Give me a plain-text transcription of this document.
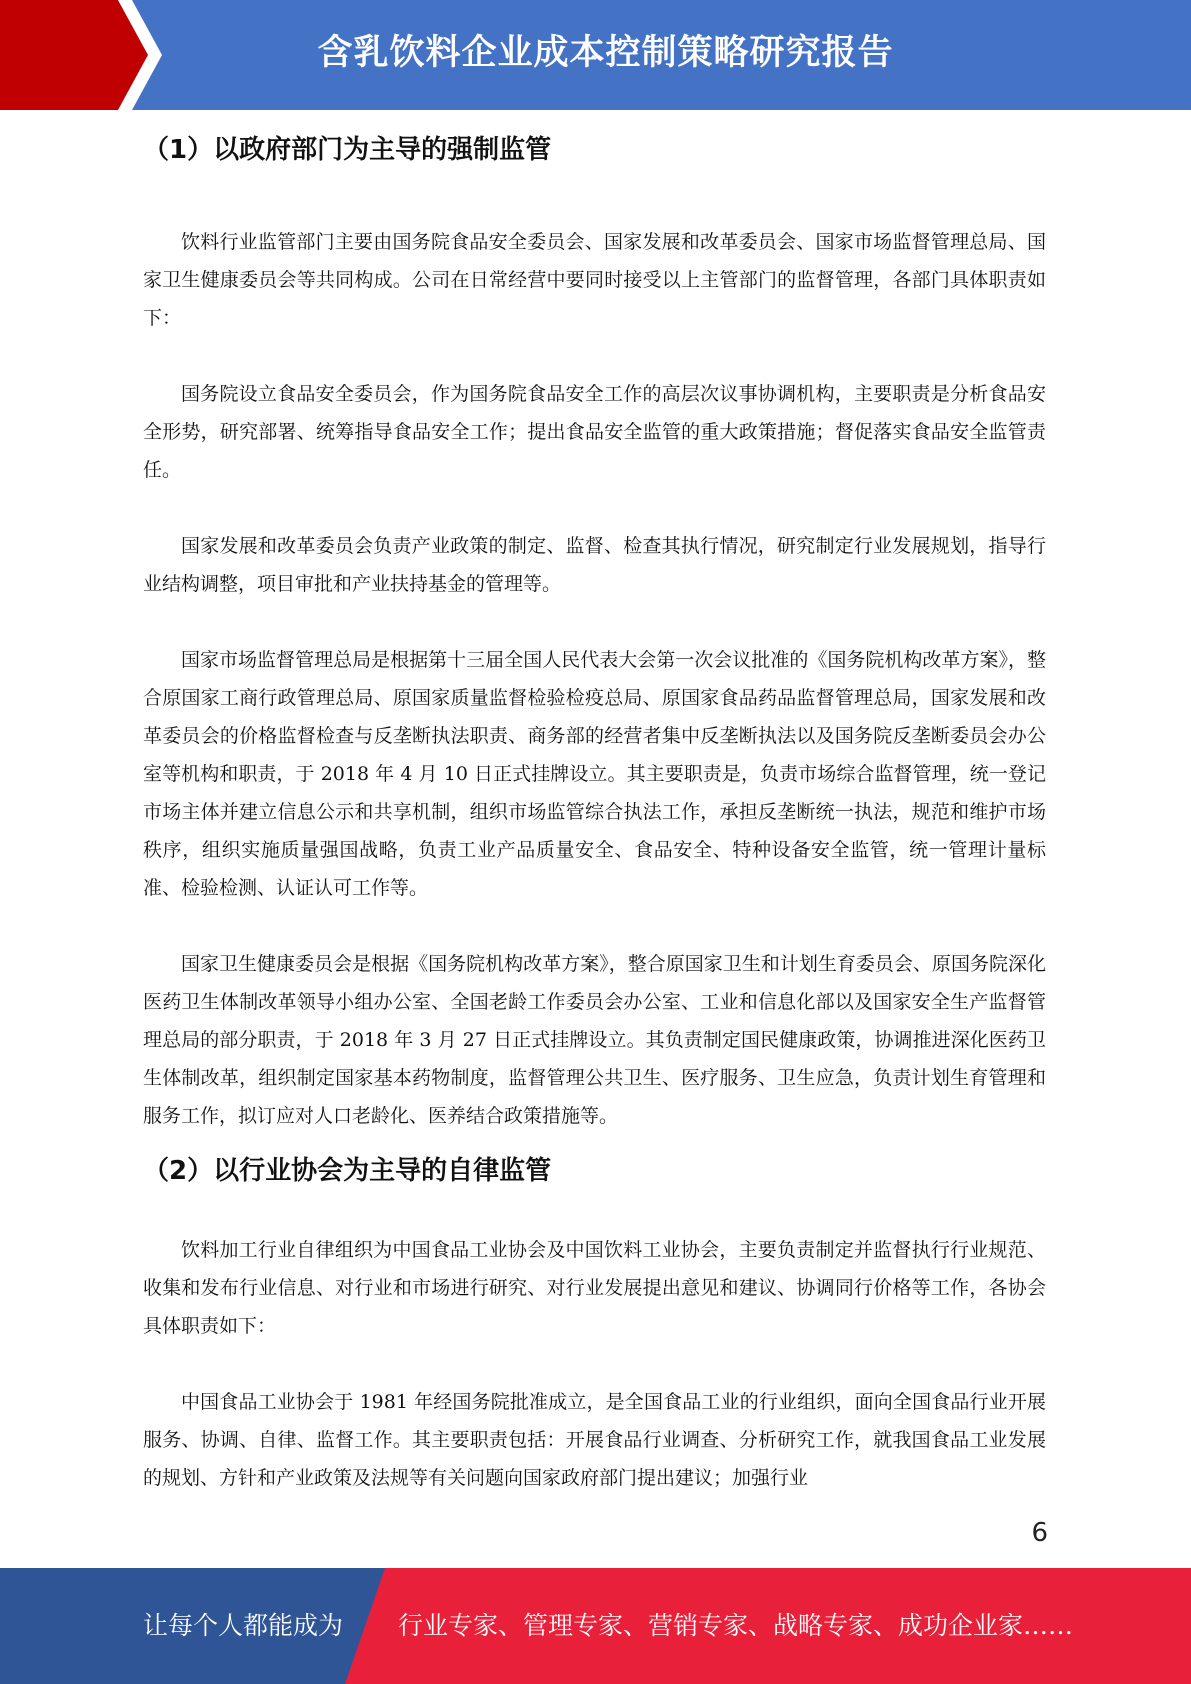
含乳饮料企业成本控制策略研究报告
（1）以政府部门为主导的强制监管

饮料行业监管部门主要由国务院食品安全委员会、国家发展和改革委员会、国家市场监督管理总局、国家卫生健康委员会等共同构成。公司在日常经营中要同时接受以上主管部门的监督管理，各部门具体职责如下：

国务院设立食品安全委员会，作为国务院食品安全工作的高层次议事协调机构，主要职责是分析食品安全形势，研究部署、统筹指导食品安全工作；提出食品安全监管的重大政策措施；督促落实食品安全监管责任。

国家发展和改革委员会负责产业政策的制定、监督、检查其执行情况，研究制定行业发展规划，指导行业结构调整，项目审批和产业扶持基金的管理等。

国家市场监督管理总局是根据第十三届全国人民代表大会第一次会议批准的《国务院机构改革方案》，整合原国家工商行政管理总局、原国家质量监督检验检疫总局、原国家食品药品监督管理总局，国家发展和改革委员会的价格监督检查与反垄断执法职责、商务部的经营者集中反垄断执法以及国务院反垄断委员会办公室等机构和职责，于 2018 年 4 月 10 日正式挂牌设立。其主要职责是，负责市场综合监督管理，统一登记市场主体并建立信息公示和共享机制，组织市场监管综合执法工作，承担反垄断统一执法，规范和维护市场秩序，组织实施质量强国战略，负责工业产品质量安全、食品安全、特种设备安全监管，统一管理计量标准、检验检测、认证认可工作等。

国家卫生健康委员会是根据《国务院机构改革方案》，整合原国家卫生和计划生育委员会、原国务院深化医药卫生体制改革领导小组办公室、全国老龄工作委员会办公室、工业和信息化部以及国家安全生产监督管理总局的部分职责，于 2018 年 3 月 27 日正式挂牌设立。其负责制定国民健康政策，协调推进深化医药卫生体制改革，组织制定国家基本药物制度，监督管理公共卫生、医疗服务、卫生应急，负责计划生育管理和服务工作，拟订应对人口老龄化、医养结合政策措施等。

（2）以行业协会为主导的自律监管

饮料加工行业自律组织为中国食品工业协会及中国饮料工业协会，主要负责制定并监督执行行业规范、收集和发布行业信息、对行业和市场进行研究、对行业发展提出意见和建议、协调同行价格等工作，各协会具体职责如下：

中国食品工业协会于 1981 年经国务院批准成立，是全国食品工业的行业组织，面向全国食品行业开展服务、协调、自律、监督工作。其主要职责包括：开展食品行业调查、分析研究工作，就我国食品工业发展的规划、方针和产业政策及法规等有关问题向国家政府部门提出建议；加强行业

6
让每个人都能成为 行业专家、管理专家、营销专家、战略专家、成功企业家……
